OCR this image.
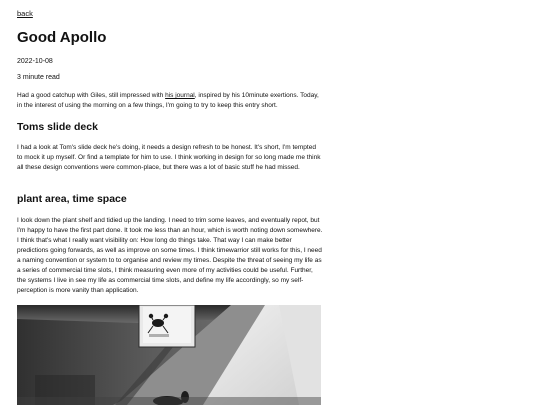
back
Good Apollo
2022-10-08
3 minute read

Had a good catchup with Giles, still impressed with his journal, inspired by his 10minute exertions. Today, in the interest of using the morning on a few things, I'm going to try to keep this entry short.

Toms slide deck

I had a look at Tom's slide deck he's doing, it needs a design refresh to be honest. It's short, I'm tempted to mock it up myself. Or find a template for him to use. I think working in design for so long made me think all these design conventions were common-place, but there was a lot of basic stuff he had missed.

plant area, time space

I look down the plant shelf and tidied up the landing. I need to trim some leaves, and eventually repot, but I'm happy to have the first part done. It took me less than an hour, which is worth noting down somewhere. I think that's what I really want visibility on: How long do things take. That way I can make better predictions going forwards, as well as improve on some times. I think timewarrior still works for this, I need a naming convention or system to to organise and review my times. Despite the threat of seeing my life as a series of commercial time slots, I think measuring even more of my activities could be useful. Further, the systems I live in see my life as commercial time slots, and define my life accordingly, so my self-perception is more vanity than application.
